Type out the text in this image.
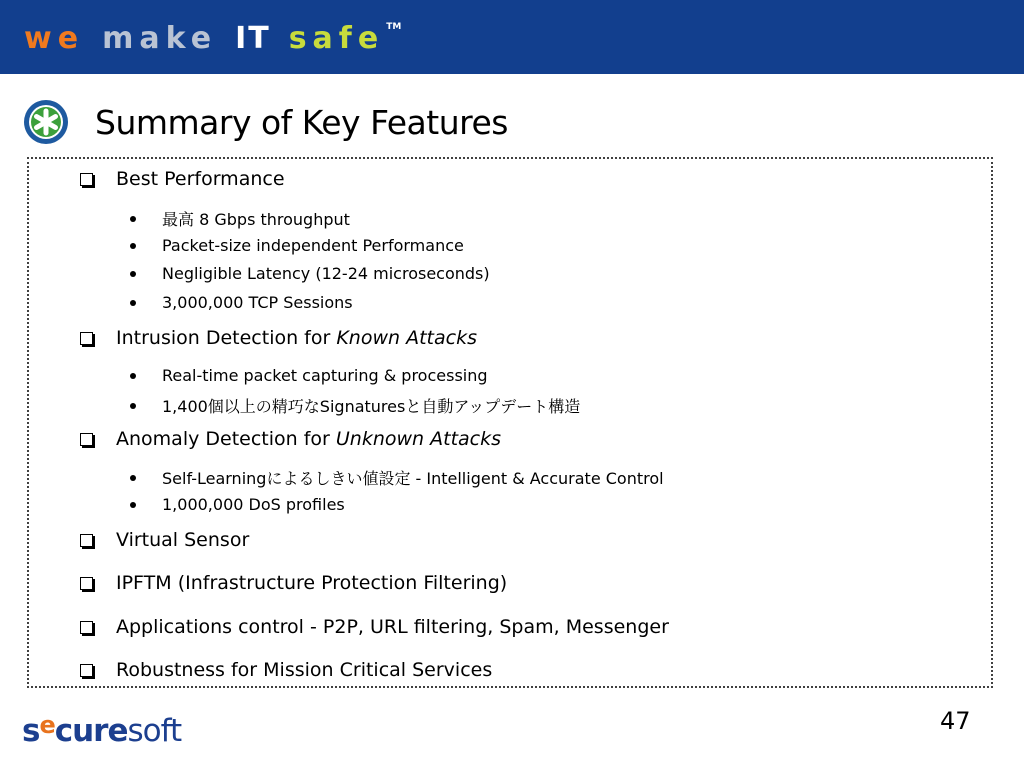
we make IT safe TM
Summary of Key Features
Best Performance
最高 8 Gbps throughput
Packet-size independent Performance
Negligible Latency (12-24 microseconds)
3,000,000 TCP Sessions
Intrusion Detection for Known Attacks
Real-time packet capturing & processing
1,400個以上の精巧なSignaturesと自動アップデート構造
Anomaly Detection for Unknown Attacks
Self-Learningによるしきい値設定 - Intelligent & Accurate Control
1,000,000 DoS profiles
Virtual Sensor
IPFTM (Infrastructure Protection Filtering)
Applications control - P2P, URL filtering, Spam, Messenger
Robustness for Mission Critical Services
s e cure soft	47
